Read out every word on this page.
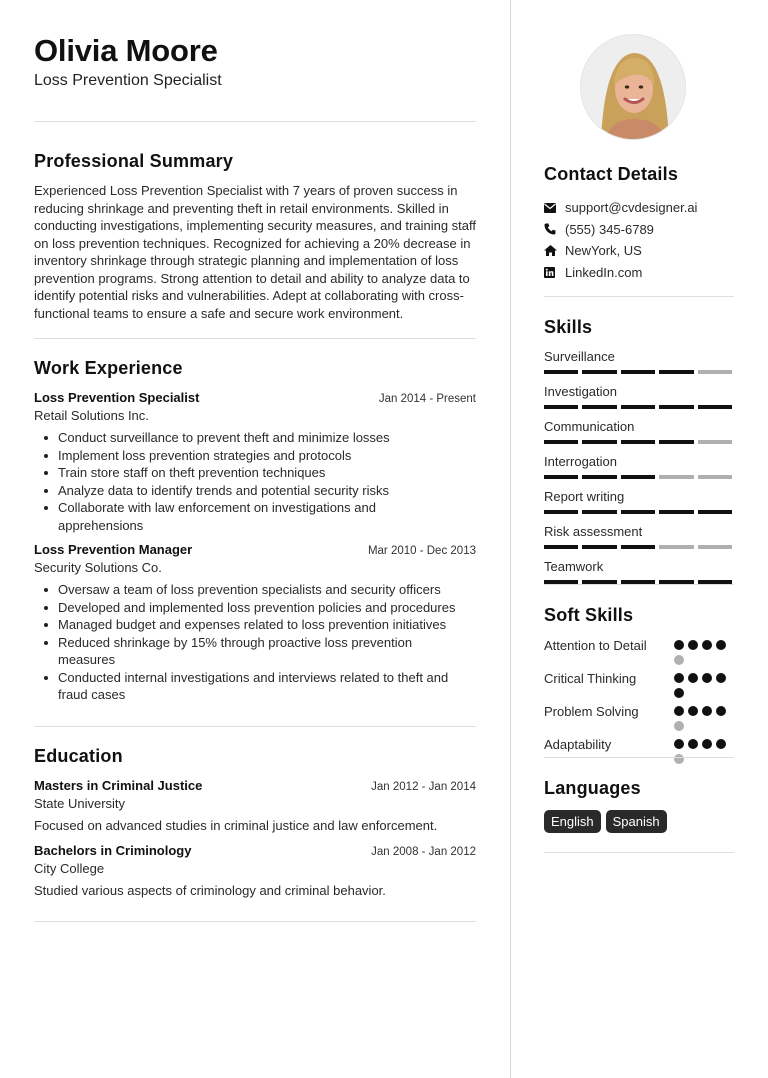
Olivia Moore
Loss Prevention Specialist
Professional Summary
Experienced Loss Prevention Specialist with 7 years of proven success in reducing shrinkage and preventing theft in retail environments. Skilled in conducting investigations, implementing security measures, and training staff on loss prevention techniques. Recognized for achieving a 20% decrease in inventory shrinkage through strategic planning and implementation of loss prevention programs. Strong attention to detail and ability to analyze data to identify potential risks and vulnerabilities. Adept at collaborating with cross-functional teams to ensure a safe and secure work environment.
Work Experience
Loss Prevention Specialist	Jan 2014 - Present
Retail Solutions Inc.
Conduct surveillance to prevent theft and minimize losses
Implement loss prevention strategies and protocols
Train store staff on theft prevention techniques
Analyze data to identify trends and potential security risks
Collaborate with law enforcement on investigations and apprehensions
Loss Prevention Manager	Mar 2010 - Dec 2013
Security Solutions Co.
Oversaw a team of loss prevention specialists and security officers
Developed and implemented loss prevention policies and procedures
Managed budget and expenses related to loss prevention initiatives
Reduced shrinkage by 15% through proactive loss prevention measures
Conducted internal investigations and interviews related to theft and fraud cases
Education
Masters in Criminal Justice	Jan 2012 - Jan 2014
State University
Focused on advanced studies in criminal justice and law enforcement.
Bachelors in Criminology	Jan 2008 - Jan 2012
City College
Studied various aspects of criminology and criminal behavior.
Contact Details
support@cvdesigner.ai
(555) 345-6789
NewYork, US
LinkedIn.com
Skills
Surveillance
Investigation
Communication
Interrogation
Report writing
Risk assessment
Teamwork
Soft Skills
Attention to Detail
Critical Thinking
Problem Solving
Adaptability
Languages
English	Spanish
